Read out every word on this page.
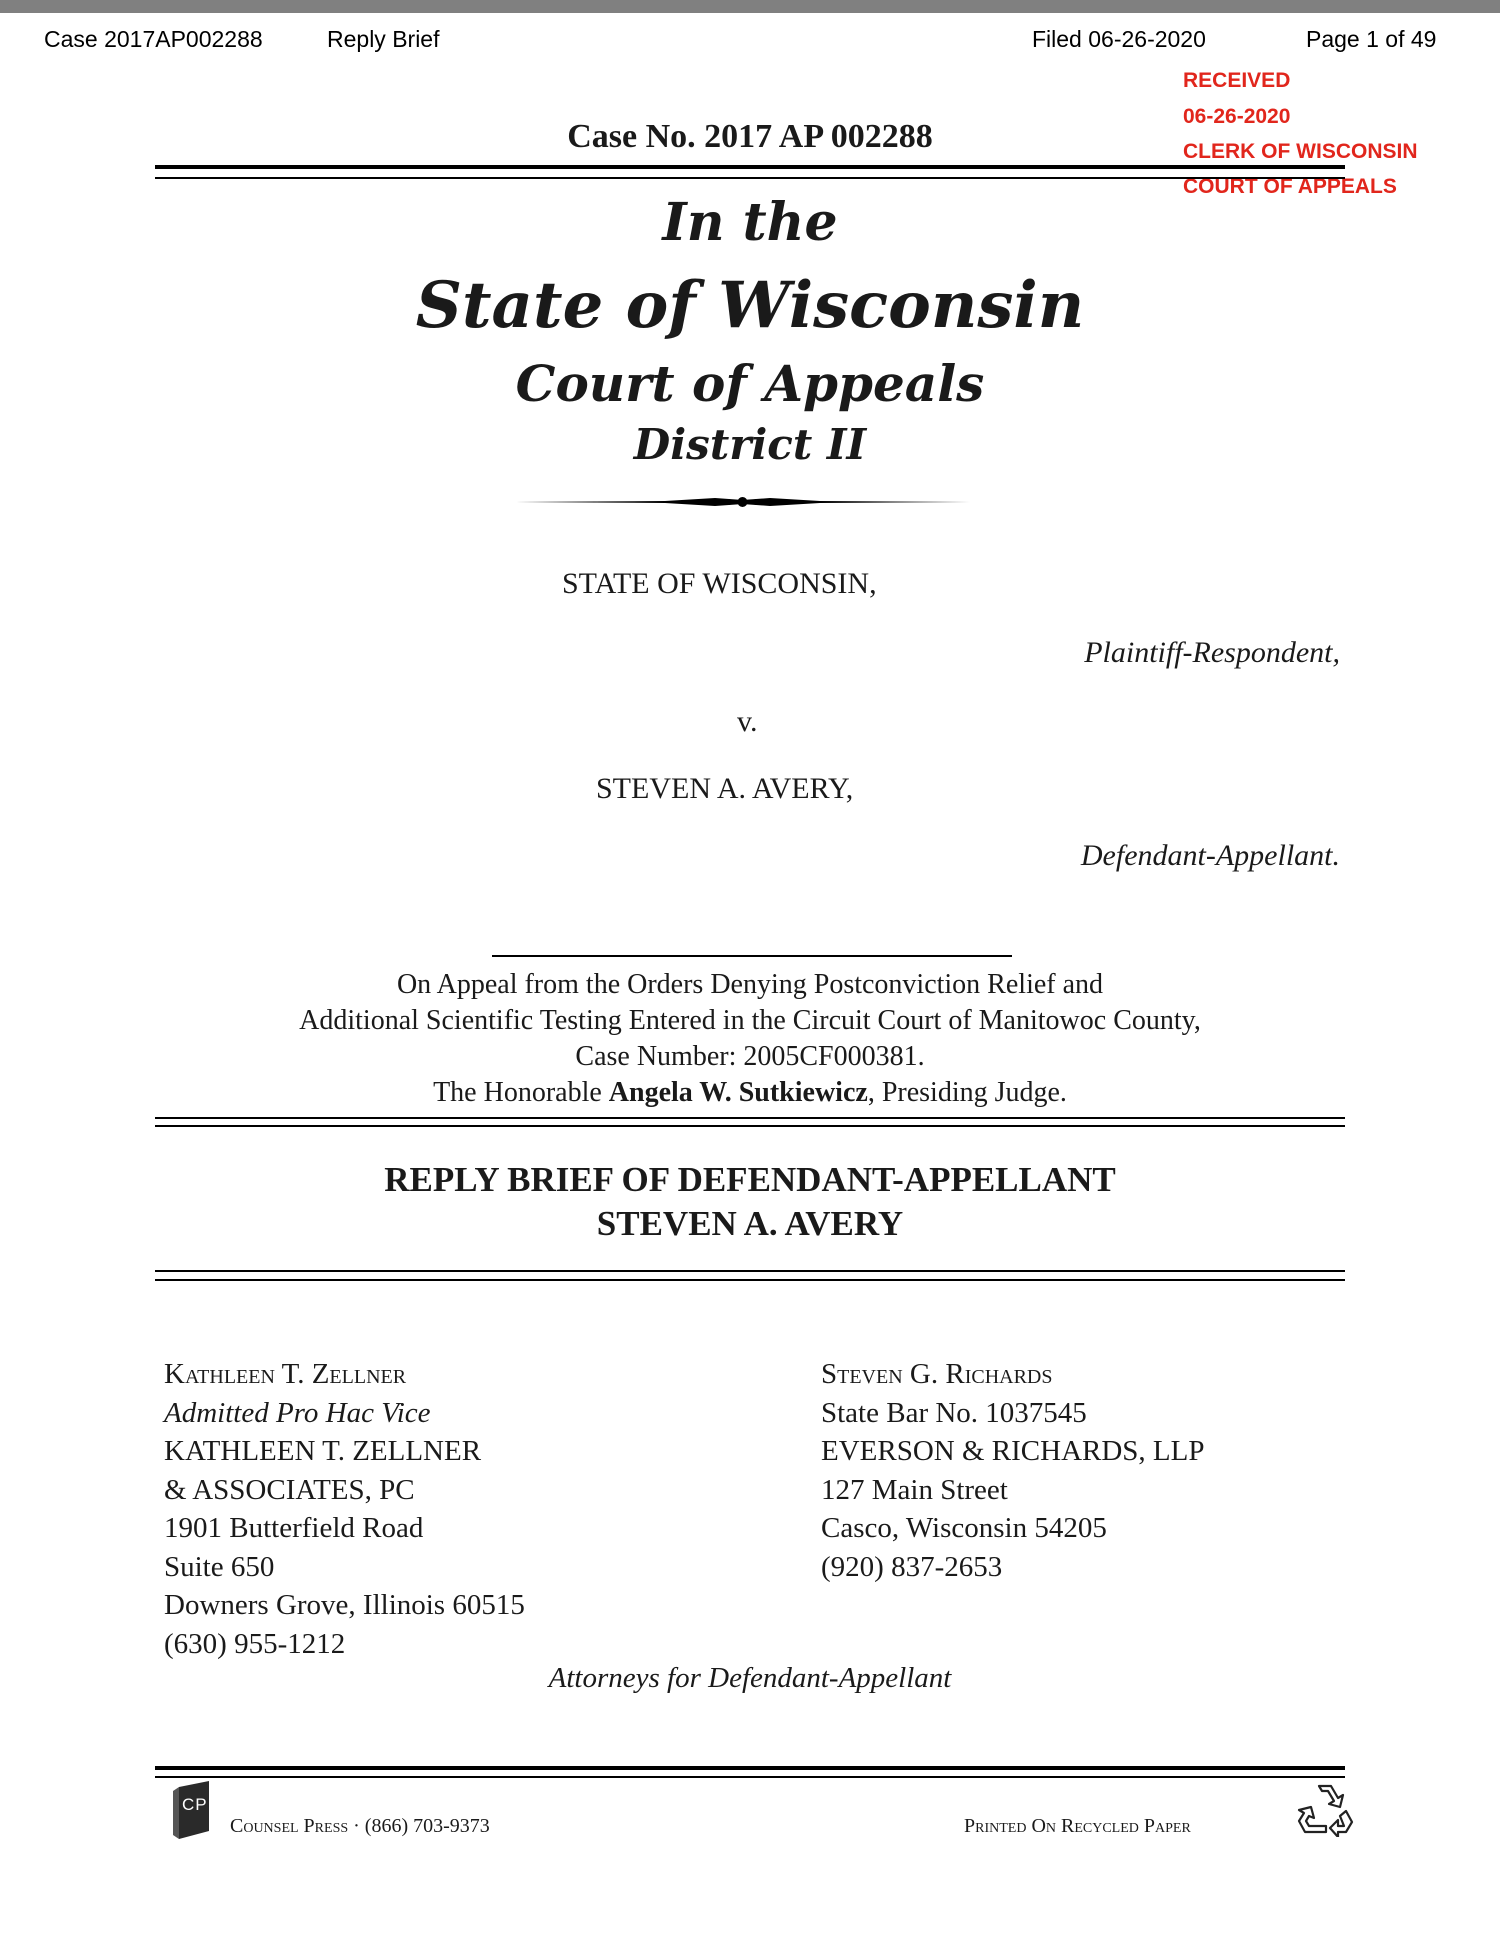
Case 2017AP002288	Reply Brief	Filed 06-26-2020	Page 1 of 49
RECEIVED
06-26-2020
CLERK OF WISCONSIN
COURT OF APPEALS
Case No. 2017 AP 002288
In the
State of Wisconsin
Court of Appeals
District II
STATE OF WISCONSIN,
Plaintiff-Respondent,
v.
STEVEN A. AVERY,
Defendant-Appellant.
On Appeal from the Orders Denying Postconviction Relief and
Additional Scientific Testing Entered in the Circuit Court of Manitowoc County,
Case Number: 2005CF000381.
The Honorable Angela W. Sutkiewicz, Presiding Judge.
REPLY BRIEF OF DEFENDANT-APPELLANT
STEVEN A. AVERY
Kathleen T. Zellner
Admitted Pro Hac Vice
KATHLEEN T. ZELLNER
& ASSOCIATES, PC
1901 Butterfield Road
Suite 650
Downers Grove, Illinois 60515
(630) 955-1212
Steven G. Richards
State Bar No. 1037545
EVERSON & RICHARDS, LLP
127 Main Street
Casco, Wisconsin 54205
(920) 837-2653
Attorneys for Defendant-Appellant
CP
Counsel Press · (866) 703-9373	Printed On Recycled Paper
